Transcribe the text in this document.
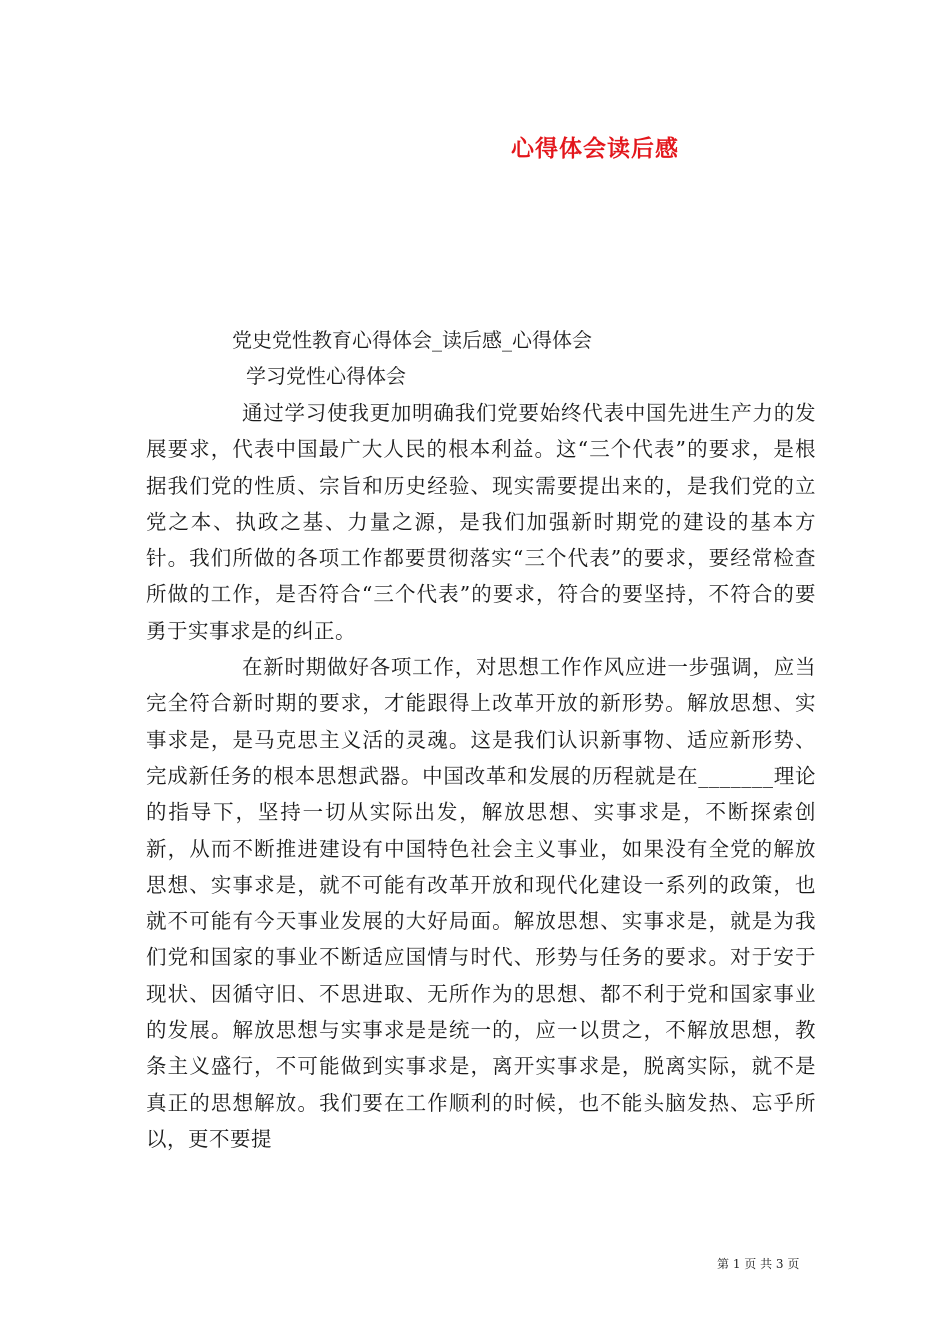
心得体会读后感
党史党性教育心得体会_读后感_心得体会
学习党性心得体会

通过学习使我更加明确我们党要始终代表中国先进生产力的发展要求，代表中国最广大人民的根本利益。这“三个代表”的要求，是根据我们党的性质、宗旨和历史经验、现实需要提出来的，是我们党的立党之本、执政之基、力量之源，是我们加强新时期党的建设的基本方针。我们所做的各项工作都要贯彻落实“三个代表”的要求，要经常检查所做的工作，是否符合“三个代表”的要求，符合的要坚持，不符合的要勇于实事求是的纠正。

在新时期做好各项工作，对思想工作作风应进一步强调，应当完全符合新时期的要求，才能跟得上改革开放的新形势。解放思想、实事求是，是马克思主义活的灵魂。这是我们认识新事物、适应新形势、完成新任务的根本思想武器。中国改革和发展的历程就是在_______理论的指导下，坚持一切从实际出发，解放思想、实事求是，不断探索创新，从而不断推进建设有中国特色社会主义事业，如果没有全党的解放思想、实事求是，就不可能有改革开放和现代化建设一系列的政策，也就不可能有今天事业发展的大好局面。解放思想、实事求是，就是为我们党和国家的事业不断适应国情与时代、形势与任务的要求。对于安于现状、因循守旧、不思进取、无所作为的思想、都不利于党和国家事业的发展。解放思想与实事求是是统一的，应一以贯之，不解放思想，教条主义盛行，不可能做到实事求是，离开实事求是，脱离实际，就不是真正的思想解放。我们要在工作顺利的时候，也不能头脑发热、忘乎所以，更不要提

第 1 页 共 3 页
